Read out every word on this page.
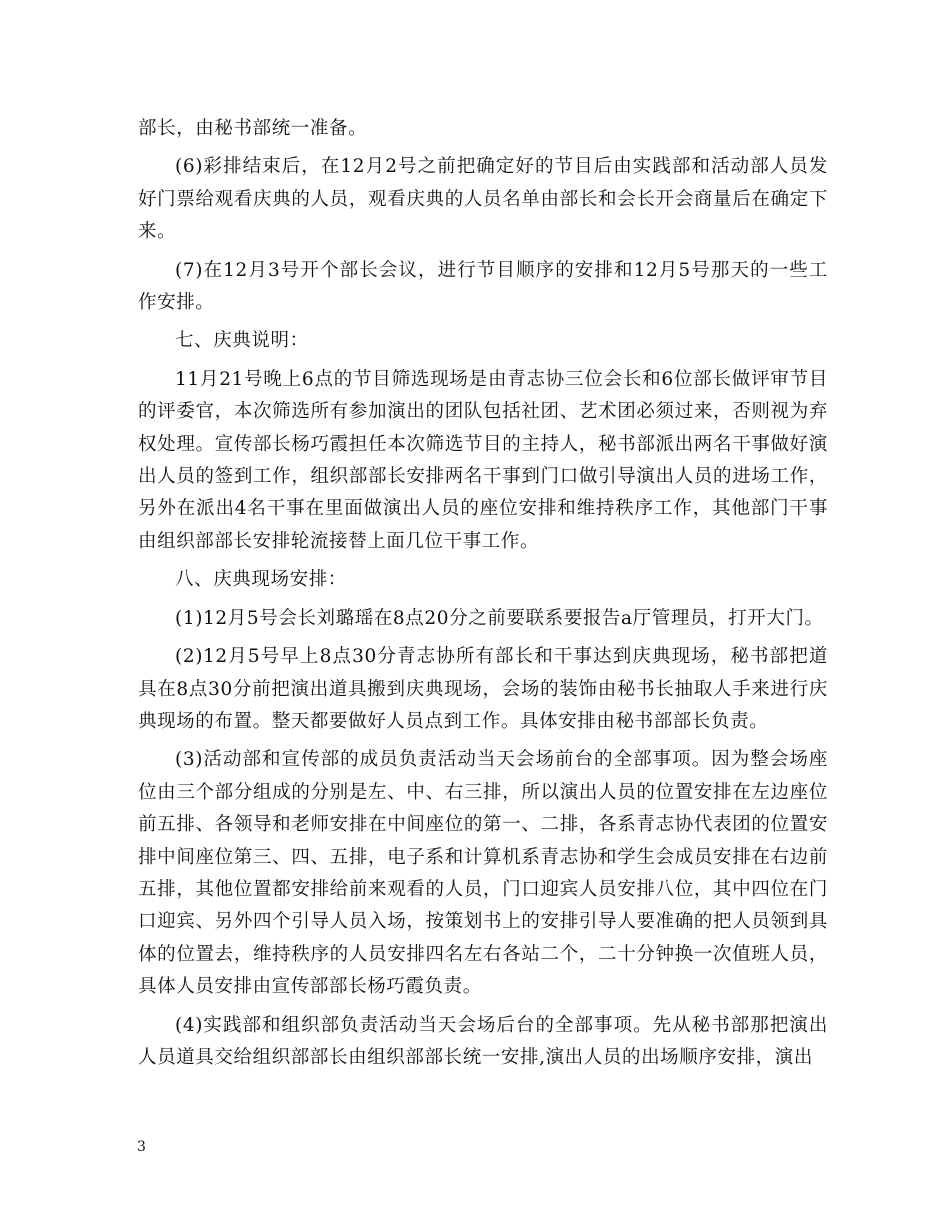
部长，由秘书部统一准备。

(6)彩排结束后，在12月2号之前把确定好的节目后由实践部和活动部人员发好门票给观看庆典的人员，观看庆典的人员名单由部长和会长开会商量后在确定下来。

(7)在12月3号开个部长会议，进行节目顺序的安排和12月5号那天的一些工作安排。

七、庆典说明：

11月21号晚上6点的节目筛选现场是由青志协三位会长和6位部长做评审节目的评委官，本次筛选所有参加演出的团队包括社团、艺术团必须过来，否则视为弃权处理。宣传部长杨巧霞担任本次筛选节目的主持人，秘书部派出两名干事做好演出人员的签到工作，组织部部长安排两名干事到门口做引导演出人员的进场工作，另外在派出4名干事在里面做演出人员的座位安排和维持秩序工作，其他部门干事由组织部部长安排轮流接替上面几位干事工作。

八、庆典现场安排：

(1)12月5号会长刘璐瑶在8点20分之前要联系要报告a厅管理员，打开大门。

(2)12月5号早上8点30分青志协所有部长和干事达到庆典现场，秘书部把道具在8点30分前把演出道具搬到庆典现场，会场的装饰由秘书长抽取人手来进行庆典现场的布置。整天都要做好人员点到工作。具体安排由秘书部部长负责。

(3)活动部和宣传部的成员负责活动当天会场前台的全部事项。因为整会场座位由三个部分组成的分别是左、中、右三排，所以演出人员的位置安排在左边座位前五排、各领导和老师安排在中间座位的第一、二排，各系青志协代表团的位置安排中间座位第三、四、五排，电子系和计算机系青志协和学生会成员安排在右边前五排，其他位置都安排给前来观看的人员，门口迎宾人员安排八位，其中四位在门口迎宾、另外四个引导人员入场，按策划书上的安排引导人要准确的把人员领到具体的位置去，维持秩序的人员安排四名左右各站二个，二十分钟换一次值班人员，具体人员安排由宣传部部长杨巧霞负责。

(4)实践部和组织部负责活动当天会场后台的全部事项。先从秘书部那把演出人员道具交给组织部部长由组织部部长统一安排,演出人员的出场顺序安排，演出

3
